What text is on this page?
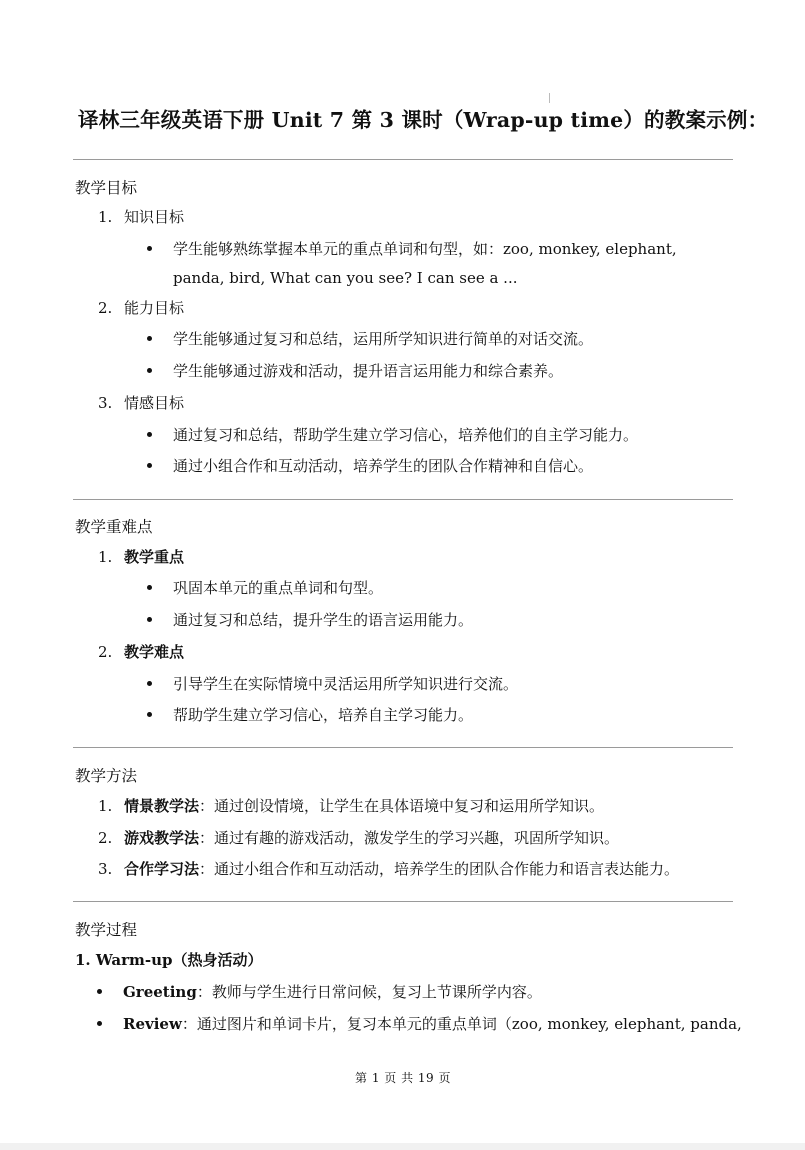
译林三年级英语下册 Unit 7 第 3 课时（Wrap-up time）的教案示例：
教学目标
1. 知识目标
学生能够熟练掌握本单元的重点单词和句型，如：zoo, monkey, elephant,
panda, bird, What can you see? I can see a ...
2. 能力目标
学生能够通过复习和总结，运用所学知识进行简单的对话交流。
学生能够通过游戏和活动，提升语言运用能力和综合素养。
3. 情感目标
通过复习和总结，帮助学生建立学习信心，培养他们的自主学习能力。
通过小组合作和互动活动，培养学生的团队合作精神和自信心。
教学重难点
1. 教学重点
巩固本单元的重点单词和句型。
通过复习和总结，提升学生的语言运用能力。
2. 教学难点
引导学生在实际情境中灵活运用所学知识进行交流。
帮助学生建立学习信心，培养自主学习能力。
教学方法
1. 情景教学法：通过创设情境，让学生在具体语境中复习和运用所学知识。
2. 游戏教学法：通过有趣的游戏活动，激发学生的学习兴趣，巩固所学知识。
3. 合作学习法：通过小组合作和互动活动，培养学生的团队合作能力和语言表达能力。
教学过程
1. Warm-up（热身活动）
Greeting：教师与学生进行日常问候，复习上节课所学内容。
Review：通过图片和单词卡片，复习本单元的重点单词（zoo, monkey, elephant, panda,
第 1 页 共 19 页
